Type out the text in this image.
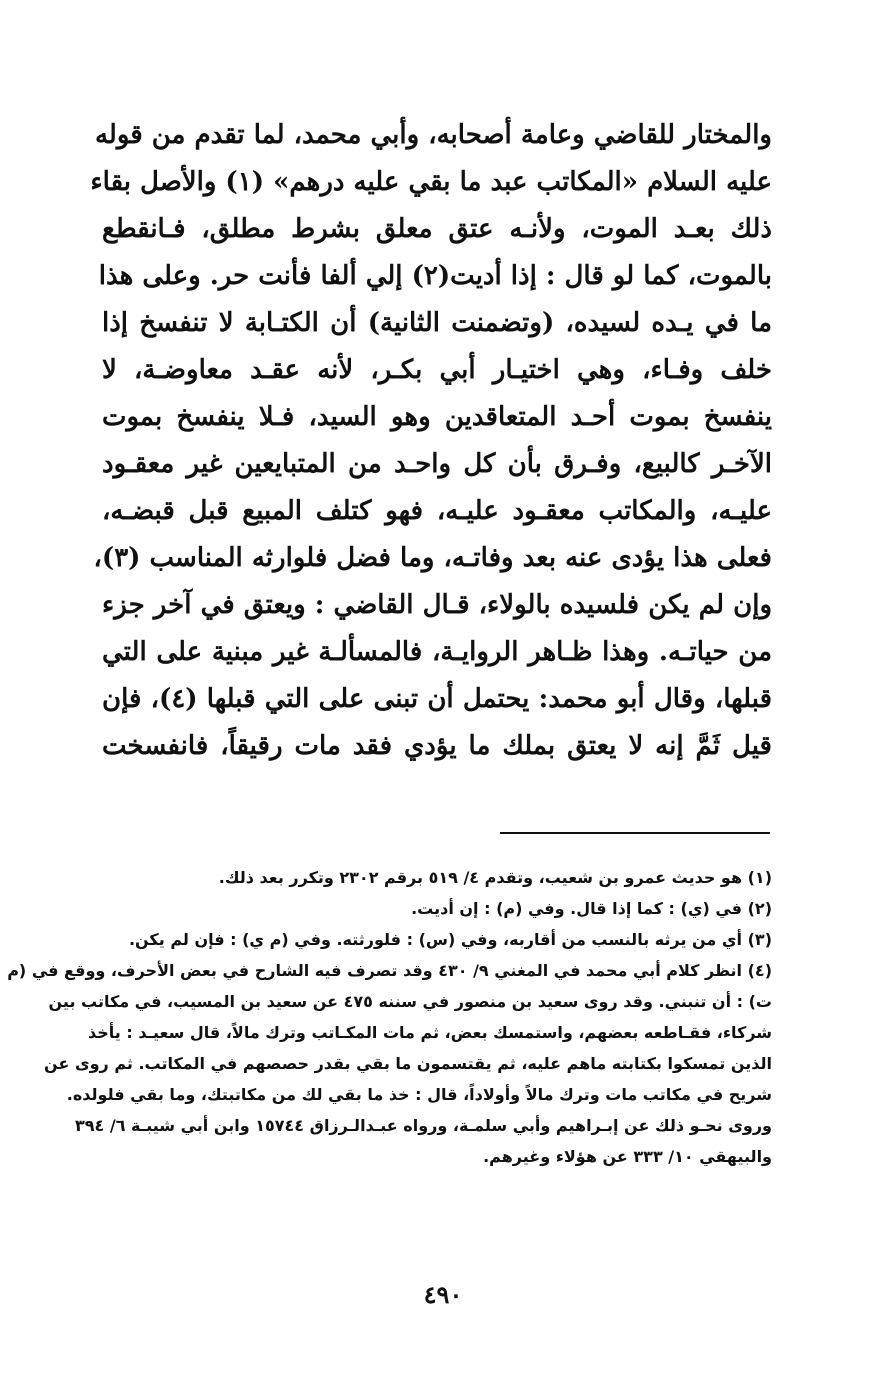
والمختار للقاضي وعامة أصحابه، وأبي محمد، لما تقدم من قوله
عليه السلام «المكاتب عبد ما بقي عليه درهم» (١) والأصل بقاء
ذلك بعـد الموت، ولأنـه عتق معلق بشرط مطلق، فـانقطع
بالموت، كما لو قال : إذا أديت(٢) إلي ألفا فأنت حر. وعلى هذا
ما في يـده لسيده، (وتضمنت الثانية) أن الكتـابة لا تنفسخ إذا
خلف وفـاء، وهي اختيـار أبي بكـر، لأنه عقـد معاوضـة، لا
ينفسخ بموت أحـد المتعاقدين وهو السيد، فـلا ينفسخ بموت
الآخـر كالبيع، وفـرق بأن كل واحـد من المتبايعين غير معقـود
عليـه، والمكاتب معقـود عليـه، فهو كتلف المبيع قبل قبضـه،
فعلى هذا يؤدى عنه بعد وفاتـه، وما فضل فلوارثه المناسب (٣)،
وإن لم يكن فلسيده بالولاء، قـال القاضي : ويعتق في آخر جزء
من حياتـه. وهذا ظـاهر الروايـة، فالمسألـة غير مبنية على التي
قبلها، وقال أبو محمد: يحتمل أن تبنى على التي قبلها (٤)، فإن
قيل ثَمَّ إنه لا يعتق بملك ما يؤدي فقد مات رقيقاً، فانفسخت
(١) هو حديث عمرو بن شعيب، وتقدم ٤/ ٥١٩ برقم ٢٣٠٢ وتكرر بعد ذلك.
(٢) في (ي) : كما إذا قال. وفي (م) : إن أديت.
(٣) أي من يرثه بالنسب من أقاربه، وفي (س) : فلورثته. وفي (م ي) : فإن لم يكن.
(٤) انظر كلام أبي محمد في المغني ٩/ ٤٣٠ وقد تصرف فيه الشارح في بعض الأحرف، ووقع في (م
ت) : أن تنبني. وقد روى سعيد بن منصور في سننه ٤٧٥ عن سعيد بن المسيب، في مكاتب بين
شركاء، فقـاطعه بعضهم، واستمسك بعض، ثم مات المكـاتب وترك مالاً، قال سعيـد : يأخذ
الذين تمسكوا بكتابته ماهم عليه، ثم يقتسمون ما بقي بقدر حصصهم في المكاتب. ثم روى عن
شريح في مكاتب مات وترك مالاً وأولاداً، قال : خذ ما بقي لك من مكاتبتك، وما بقي فلولده.
وروى نحـو ذلك عن إبـراهيم وأبي سلمـة، ورواه عبـدالـرزاق ١٥٧٤٤ وابن أبي شيبـة ٦/ ٣٩٤
والبيهقي ١٠/ ٣٣٣ عن هؤلاء وغيرهم.
٤٩٠
